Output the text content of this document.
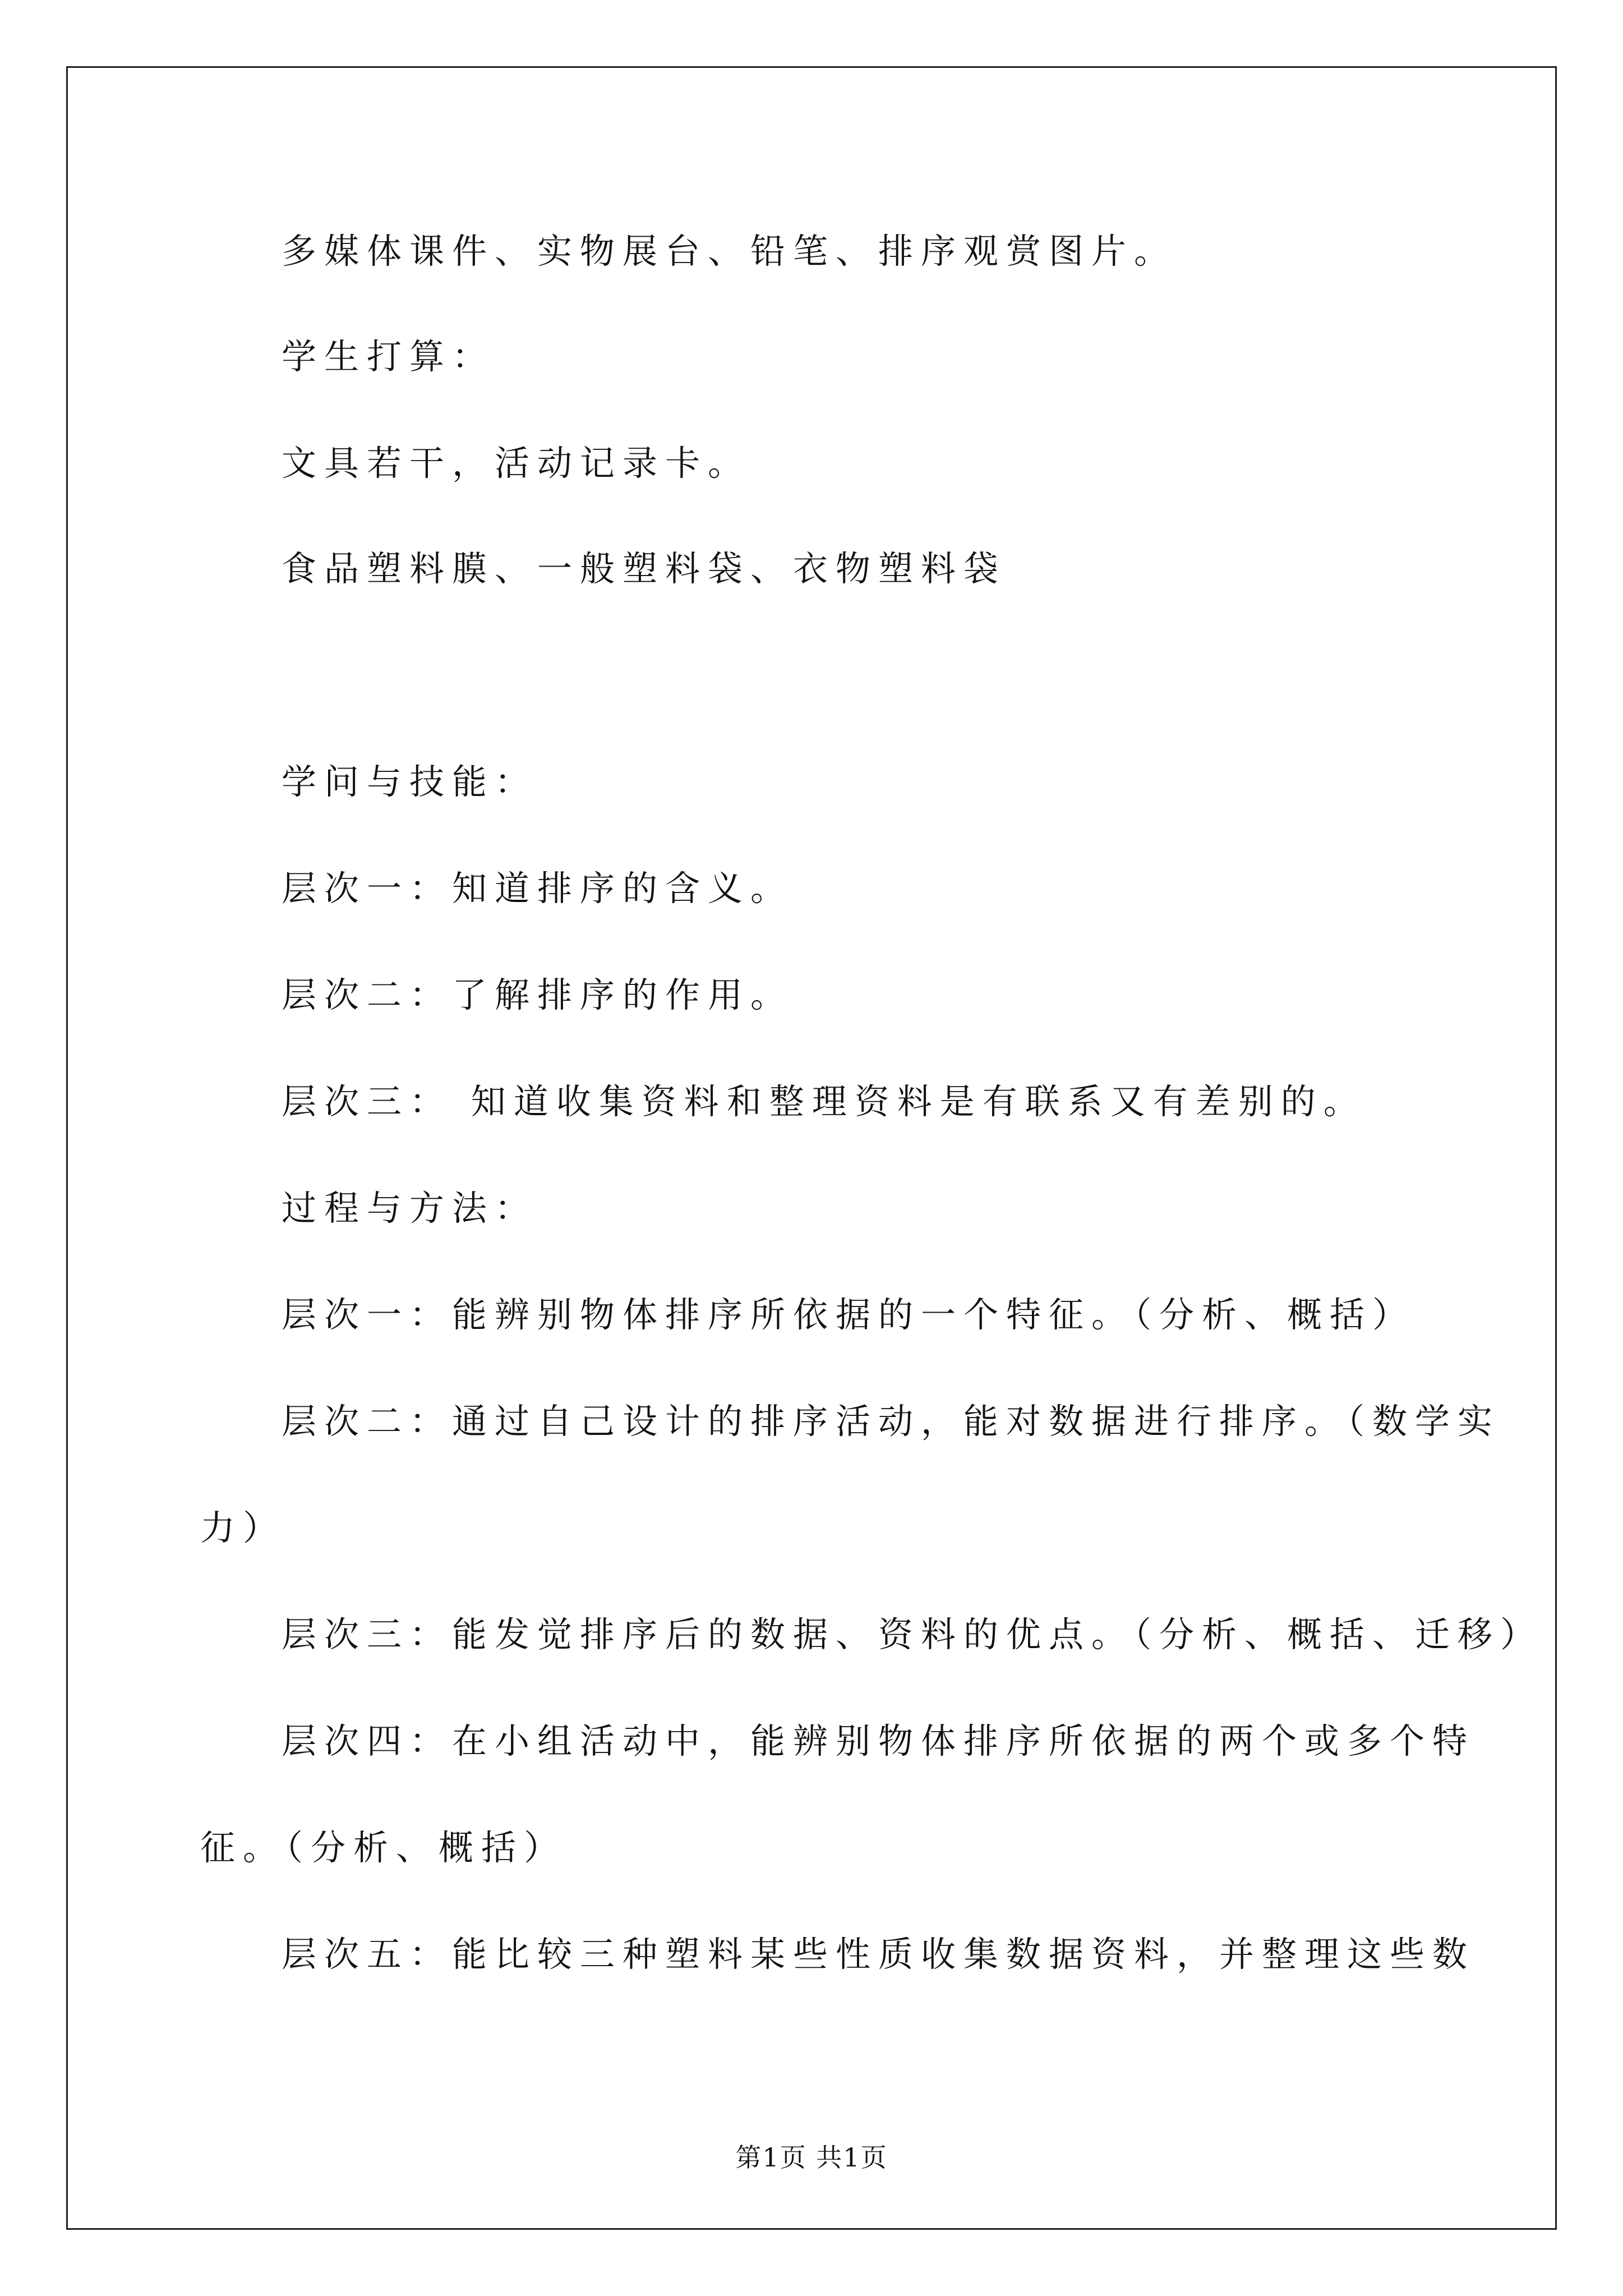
多媒体课件、实物展台、铅笔、排序观赏图片。
学生打算：
文具若干，活动记录卡。
食品塑料膜、一般塑料袋、衣物塑料袋
学问与技能：
层次一：知道排序的含义。
层次二：了解排序的作用。
层次三： 知道收集资料和整理资料是有联系又有差别的。
过程与方法：
层次一：能辨别物体排序所依据的一个特征。（分析、概括）
层次二：通过自己设计的排序活动，能对数据进行排序。（数学实
力）
层次三：能发觉排序后的数据、资料的优点。（分析、概括、迁移）
层次四：在小组活动中，能辨别物体排序所依据的两个或多个特
征。（分析、概括）
层次五：能比较三种塑料某些性质收集数据资料，并整理这些数
第1页 共1页
